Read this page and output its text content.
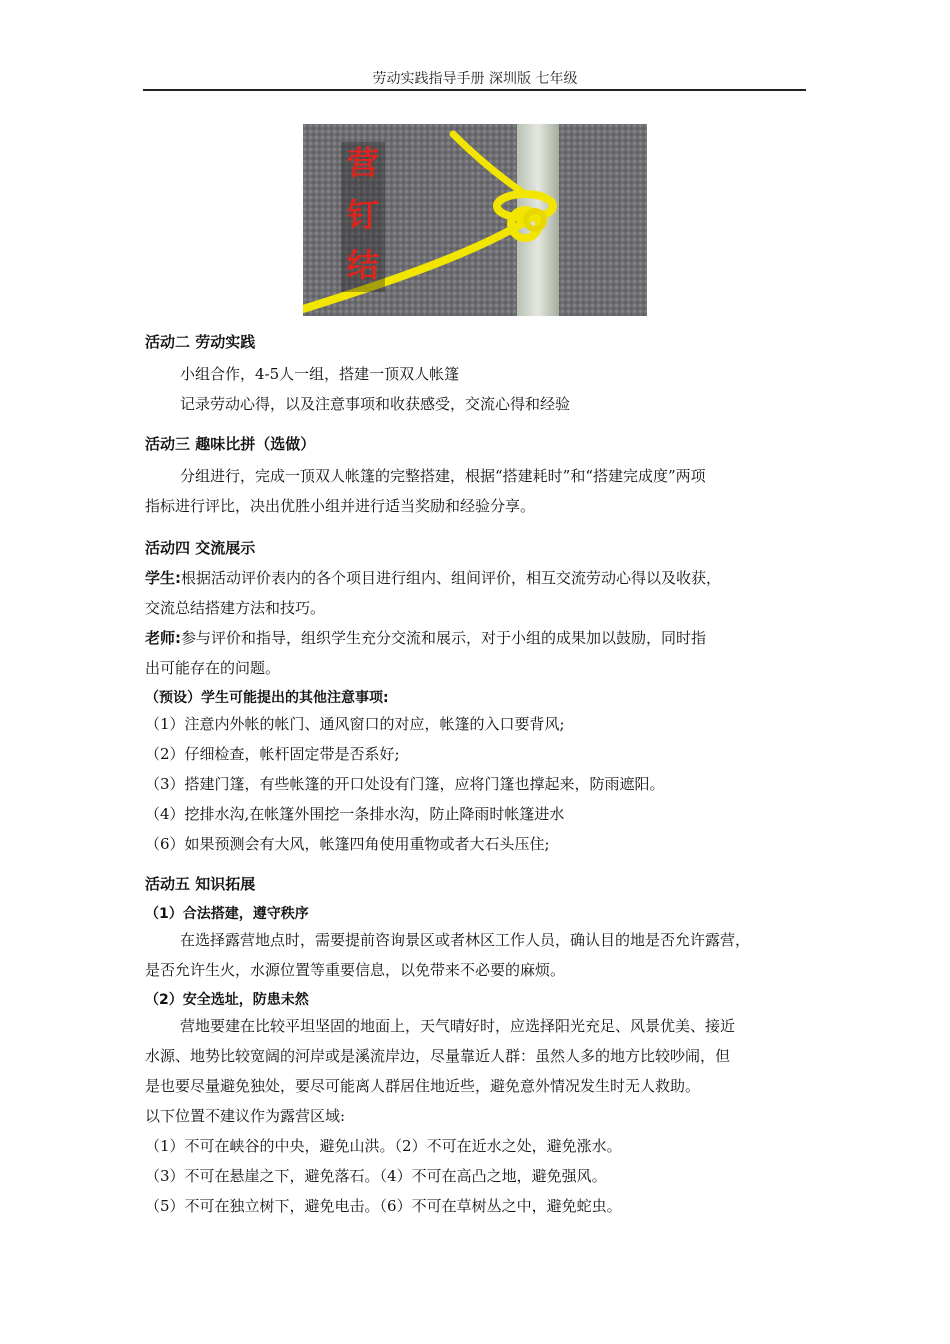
劳动实践指导手册 深圳版 七年级
营
钉
结
活动二 劳动实践
小组合作，4-5人一组，搭建一顶双人帐篷
记录劳动心得，以及注意事项和收获感受，交流心得和经验
活动三 趣味比拼（选做）
分组进行，完成一顶双人帐篷的完整搭建，根据“搭建耗时”和“搭建完成度”两项
指标进行评比，决出优胜小组并进行适当奖励和经验分享。
活动四 交流展示
学生:根据活动评价表内的各个项目进行组内、组间评价，相互交流劳动心得以及收获，
交流总结搭建方法和技巧。
老师:参与评价和指导，组织学生充分交流和展示，对于小组的成果加以鼓励，同时指
出可能存在的问题。
（预设）学生可能提出的其他注意事项:
（1）注意内外帐的帐门、通风窗口的对应，帐篷的入口要背风;
（2）仔细检查，帐杆固定带是否系好;
（3）搭建门篷，有些帐篷的开口处设有门篷，应将门篷也撑起来，防雨遮阳。
（4）挖排水沟,在帐篷外围挖一条排水沟，防止降雨时帐篷进水
（6）如果预测会有大风，帐篷四角使用重物或者大石头压住;
活动五 知识拓展
（1）合法搭建，遵守秩序
在选择露营地点时，需要提前咨询景区或者林区工作人员，确认目的地是否允许露营，
是否允许生火，水源位置等重要信息，以免带来不必要的麻烦。
（2）安全选址，防患未然
营地要建在比较平坦坚固的地面上，天气晴好时，应选择阳光充足、风景优美、接近
水源、地势比较宽阔的河岸或是溪流岸边，尽量靠近人群：虽然人多的地方比较吵闹，但
是也要尽量避免独处，要尽可能离人群居住地近些，避免意外情况发生时无人救助。
以下位置不建议作为露营区域:
（1）不可在峡谷的中央，避免山洪。（2）不可在近水之处，避免涨水。
（3）不可在悬崖之下，避免落石。（4）不可在高凸之地，避免强风。
（5）不可在独立树下，避免电击。（6）不可在草树丛之中，避免蛇虫。
